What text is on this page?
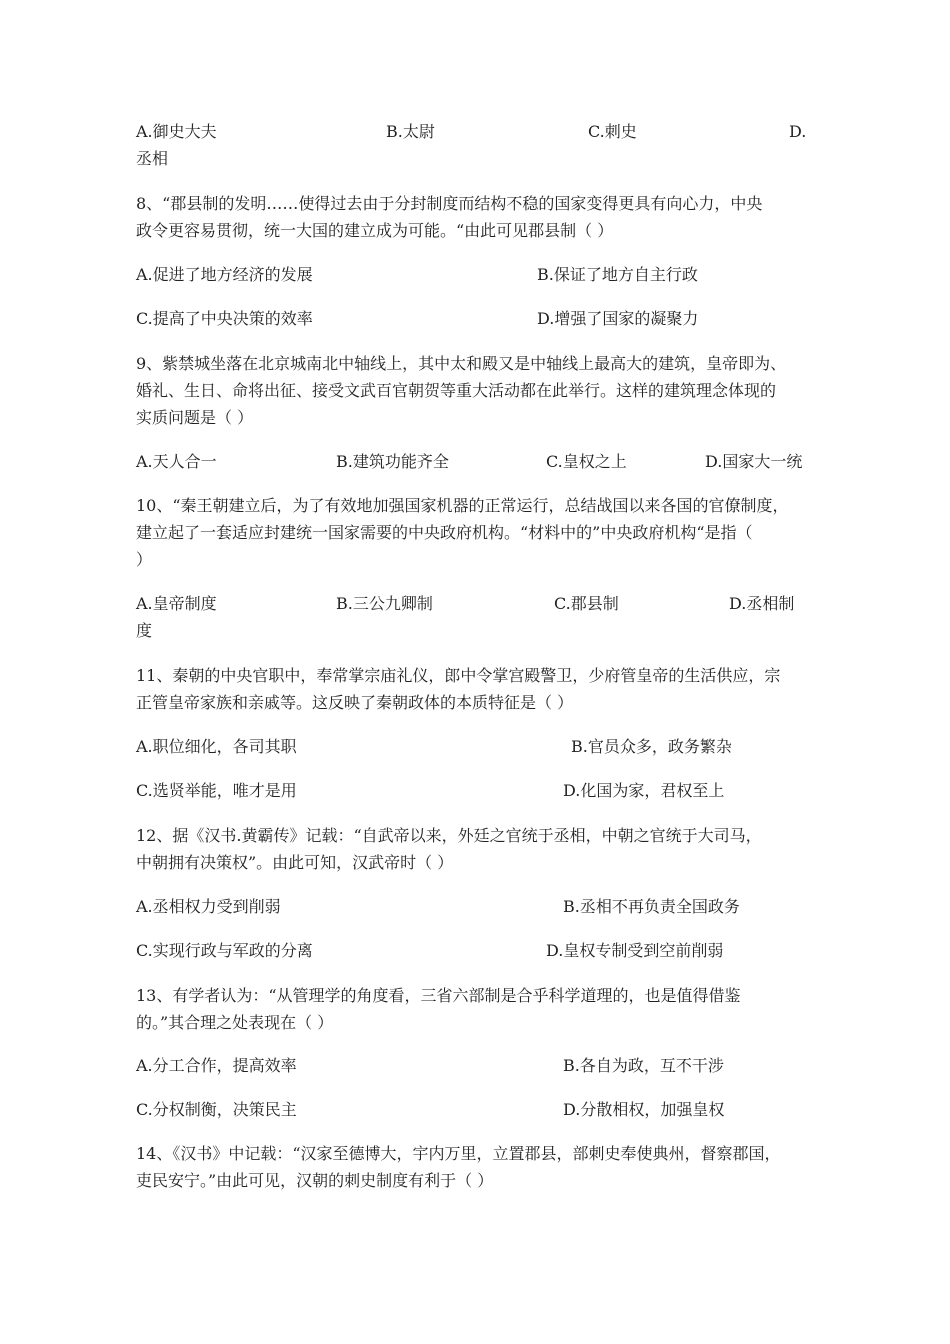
A.御史大夫	B.太尉	C.刺史	D.
丞相
8、“郡县制的发明……使得过去由于分封制度而结构不稳的国家变得更具有向心力，中央
政令更容易贯彻，统一大国的建立成为可能。“由此可见郡县制（ ）
A.促进了地方经济的发展	B.保证了地方自主行政
C.提高了中央决策的效率	D.增强了国家的凝聚力
9、紫禁城坐落在北京城南北中轴线上，其中太和殿又是中轴线上最高大的建筑，皇帝即为、
婚礼、生日、命将出征、接受文武百官朝贺等重大活动都在此举行。这样的建筑理念体现的
实质问题是（ ）
A.天人合一	B.建筑功能齐全	C.皇权之上	D.国家大一统
10、“秦王朝建立后，为了有效地加强国家机器的正常运行，总结战国以来各国的官僚制度，
建立起了一套适应封建统一国家需要的中央政府机构。“材料中的”中央政府机构“是指（
）
A.皇帝制度	B.三公九卿制	C.郡县制	D.丞相制
度
11、秦朝的中央官职中，奉常掌宗庙礼仪，郎中令掌宫殿警卫，少府管皇帝的生活供应，宗
正管皇帝家族和亲戚等。这反映了秦朝政体的本质特征是（ ）
A.职位细化，各司其职	B.官员众多，政务繁杂
C.选贤举能，唯才是用	D.化国为家，君权至上
12、据《汉书.黄霸传》记载：“自武帝以来，外廷之官统于丞相，中朝之官统于大司马，
中朝拥有决策权”。由此可知，汉武帝时（ ）
A.丞相权力受到削弱	B.丞相不再负责全国政务
C.实现行政与军政的分离	D.皇权专制受到空前削弱
13、有学者认为：“从管理学的角度看，三省六部制是合乎科学道理的，也是值得借鉴
的。”其合理之处表现在（ ）
A.分工合作，提高效率	B.各自为政，互不干涉
C.分权制衡，决策民主	D.分散相权，加强皇权
14、《汉书》中记载：“汉家至德博大，宇内万里，立置郡县，部刺史奉使典州，督察郡国，
吏民安宁。”由此可见，汉朝的刺史制度有利于（ ）
